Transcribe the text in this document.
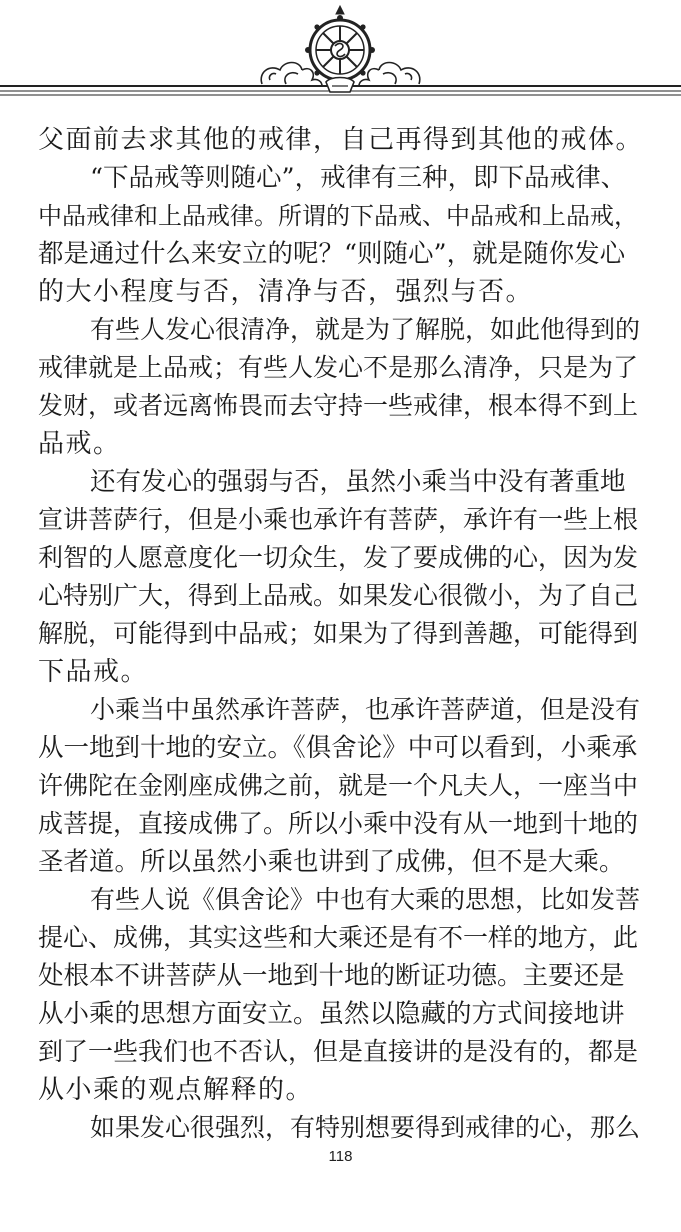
父面前去求其他的戒律，自己再得到其他的戒体。
“下品戒等则随心”，戒律有三种，即下品戒律、
中品戒律和上品戒律。所谓的下品戒、中品戒和上品戒，
都是通过什么来安立的呢？“则随心”，就是随你发心
的大小程度与否，清净与否，强烈与否。
有些人发心很清净，就是为了解脱，如此他得到的
戒律就是上品戒；有些人发心不是那么清净，只是为了
发财，或者远离怖畏而去守持一些戒律，根本得不到上
品戒。
还有发心的强弱与否，虽然小乘当中没有著重地
宣讲菩萨行，但是小乘也承许有菩萨，承许有一些上根
利智的人愿意度化一切众生，发了要成佛的心，因为发
心特别广大，得到上品戒。如果发心很微小，为了自己
解脱，可能得到中品戒；如果为了得到善趣，可能得到
下品戒。
小乘当中虽然承许菩萨，也承许菩萨道，但是没有
从一地到十地的安立。《俱舍论》中可以看到，小乘承
许佛陀在金刚座成佛之前，就是一个凡夫人，一座当中
成菩提，直接成佛了。所以小乘中没有从一地到十地的
圣者道。所以虽然小乘也讲到了成佛，但不是大乘。
有些人说《俱舍论》中也有大乘的思想，比如发菩
提心、成佛，其实这些和大乘还是有不一样的地方，此
处根本不讲菩萨从一地到十地的断证功德。主要还是
从小乘的思想方面安立。虽然以隐藏的方式间接地讲
到了一些我们也不否认，但是直接讲的是没有的，都是
从小乘的观点解释的。
如果发心很强烈，有特别想要得到戒律的心，那么
118
